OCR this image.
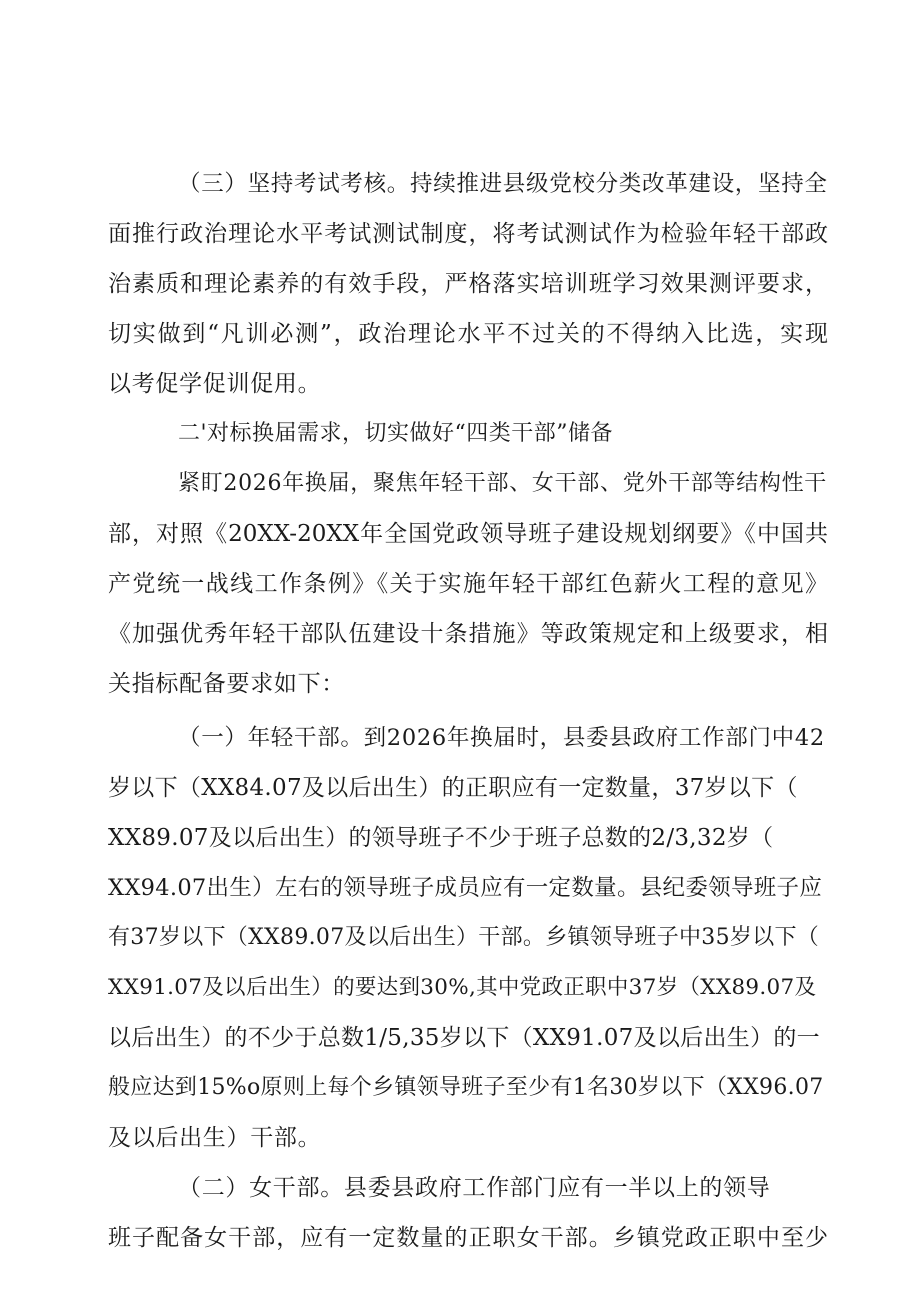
（三）坚持考试考核。持续推进县级党校分类改革建设，坚持全

面推行政治理论水平考试测试制度，将考试测试作为检验年轻干部政

治素质和理论素养的有效手段，严格落实培训班学习效果测评要求，

切实做到“凡训必测”，政治理论水平不过关的不得纳入比选，实现

以考促学促训促用。

二'对标换届需求，切实做好“四类干部”储备

紧盯2026年换届，聚焦年轻干部、女干部、党外干部等结构性干

部，对照《20XX-20XX年全国党政领导班子建设规划纲要》《中国共

产党统一战线工作条例》《关于实施年轻干部红色薪火工程的意见》

《加强优秀年轻干部队伍建设十条措施》等政策规定和上级要求，相

关指标配备要求如下：

（一）年轻干部。到2026年换届时，县委县政府工作部门中42

岁以下（XX84.07及以后出生）的正职应有一定数量，37岁以下（

XX89.07及以后出生）的领导班子不少于班子总数的2/3,32岁（

XX94.07出生）左右的领导班子成员应有一定数量。县纪委领导班子应

有37岁以下（XX89.07及以后出生）干部。乡镇领导班子中35岁以下（

XX91.07及以后出生）的要达到30%,其中党政正职中37岁（XX89.07及

以后出生）的不少于总数1/5,35岁以下（XX91.07及以后出生）的一

般应达到15%o原则上每个乡镇领导班子至少有1名30岁以下（XX96.07

及以后出生）干部。

（二）女干部。县委县政府工作部门应有一半以上的领导

班子配备女干部，应有一定数量的正职女干部。乡镇党政正职中至少
